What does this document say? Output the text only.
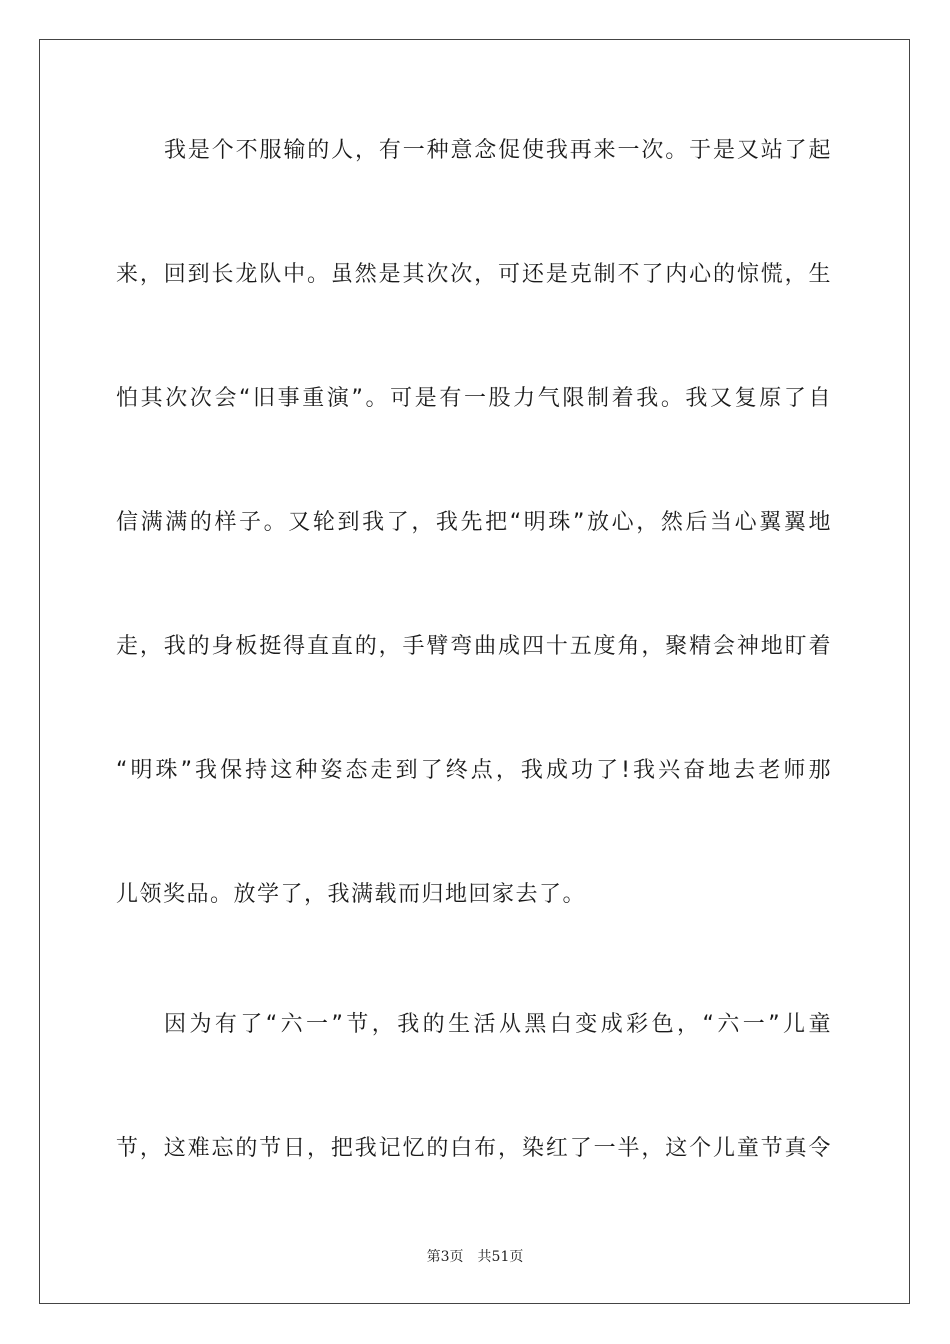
我是个不服输的人，有一种意念促使我再来一次。于是又站了起
来，回到长龙队中。虽然是其次次，可还是克制不了内心的惊慌，生
怕其次次会“旧事重演”。可是有一股力气限制着我。我又复原了自
信满满的样子。又轮到我了，我先把“明珠”放心，然后当心翼翼地
走，我的身板挺得直直的，手臂弯曲成四十五度角，聚精会神地盯着
“明珠”我保持这种姿态走到了终点，我成功了!我兴奋地去老师那
儿领奖品。放学了，我满载而归地回家去了。
因为有了“六一”节，我的生活从黑白变成彩色，“六一”儿童
节，这难忘的节日，把我记忆的白布，染红了一半，这个儿童节真令
第3页 共51页
